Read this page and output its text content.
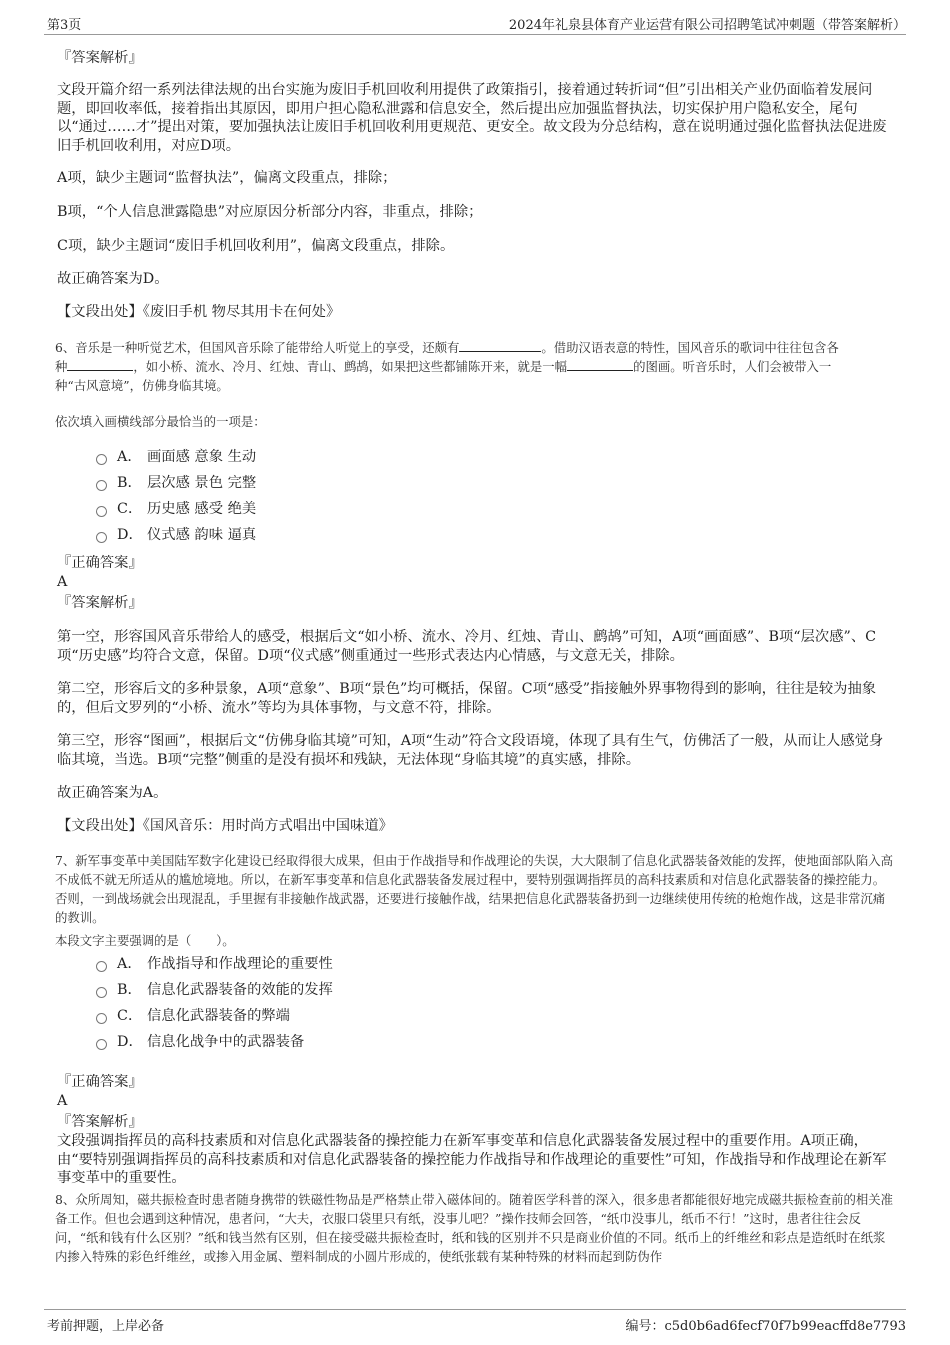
第3页	2024年礼泉县体育产业运营有限公司招聘笔试冲刺题（带答案解析）
『答案解析』
文段开篇介绍一系列法律法规的出台实施为废旧手机回收利用提供了政策指引，接着通过转折词“但”引出相关产业仍面临着发展问题，即回收率低，接着指出其原因，即用户担心隐私泄露和信息安全，然后提出应加强监督执法，切实保护用户隐私安全，尾句以“通过……才”提出对策，要加强执法让废旧手机回收利用更规范、更安全。故文段为分总结构，意在说明通过强化监督执法促进废旧手机回收利用，对应D项。
A项，缺少主题词“监督执法”，偏离文段重点，排除；
B项，“个人信息泄露隐患”对应原因分析部分内容，非重点，排除；
C项，缺少主题词“废旧手机回收利用”，偏离文段重点，排除。
故正确答案为D。
【文段出处】《废旧手机 物尽其用卡在何处》
6、音乐是一种听觉艺术，但国风音乐除了能带给人听觉上的享受，还颇有	。借助汉语表意的特性，国风音乐的歌词中往往包含各
种	，如小桥、流水、冷月、红烛、青山、鹧鸪，如果把这些都铺陈开来，就是一幅	的图画。听音乐时，人们会被带入一
种“古风意境”，仿佛身临其境。
依次填入画横线部分最恰当的一项是：
A． 画面感 意象 生动
B． 层次感 景色 完整
C． 历史感 感受 绝美
D． 仪式感 韵味 逼真
『正确答案』
A
『答案解析』
第一空，形容国风音乐带给人的感受，根据后文“如小桥、流水、冷月、红烛、青山、鹧鸪”可知，A项“画面感”、B项“层次感”、C项“历史感”均符合文意，保留。D项“仪式感”侧重通过一些形式表达内心情感，与文意无关，排除。
第二空，形容后文的多种景象，A项“意象”、B项“景色”均可概括，保留。C项“感受”指接触外界事物得到的影响，往往是较为抽象的，但后文罗列的“小桥、流水”等均为具体事物，与文意不符，排除。
第三空，形容“图画”，根据后文“仿佛身临其境”可知，A项“生动”符合文段语境，体现了具有生气，仿佛活了一般，从而让人感觉身临其境，当选。B项“完整”侧重的是没有损坏和残缺，无法体现“身临其境”的真实感，排除。
故正确答案为A。
【文段出处】《国风音乐：用时尚方式唱出中国味道》
7、新军事变革中美国陆军数字化建设已经取得很大成果，但由于作战指导和作战理论的失误，大大限制了信息化武器装备效能的发挥，使地面部队陷入高不成低不就无所适从的尴尬境地。所以，在新军事变革和信息化武器装备发展过程中，要特别强调指挥员的高科技素质和对信息化武器装备的操控能力。否则，一到战场就会出现混乱，手里握有非接触作战武器，还要进行接触作战，结果把信息化武器装备扔到一边继续使用传统的枪炮作战，这是非常沉痛的教训。
本段文字主要强调的是（　　）。
A． 作战指导和作战理论的重要性
B． 信息化武器装备的效能的发挥
C． 信息化武器装备的弊端
D． 信息化战争中的武器装备
『正确答案』
A
『答案解析』
文段强调指挥员的高科技素质和对信息化武器装备的操控能力在新军事变革和信息化武器装备发展过程中的重要作用。A项正确，由“要特别强调指挥员的高科技素质和对信息化武器装备的操控能力作战指导和作战理论的重要性”可知，作战指导和作战理论在新军事变革中的重要性。
8、众所周知，磁共振检查时患者随身携带的铁磁性物品是严格禁止带入磁体间的。随着医学科普的深入，很多患者都能很好地完成磁共振检查前的相关准备工作。但也会遇到这种情况，患者问，“大夫，衣服口袋里只有纸，没事儿吧？”操作技师会回答，“纸巾没事儿，纸币不行！”这时，患者往往会反问，“纸和钱有什么区别？”纸和钱当然有区别，但在接受磁共振检查时，纸和钱的区别并不只是商业价值的不同。纸币上的纤维丝和彩点是造纸时在纸浆内掺入特殊的彩色纤维丝，或掺入用金属、塑料制成的小圆片形成的，使纸张载有某种特殊的材料而起到防伪作
考前押题，上岸必备	编号：c5d0b6ad6fecf70f7b99eacffd8e7793
